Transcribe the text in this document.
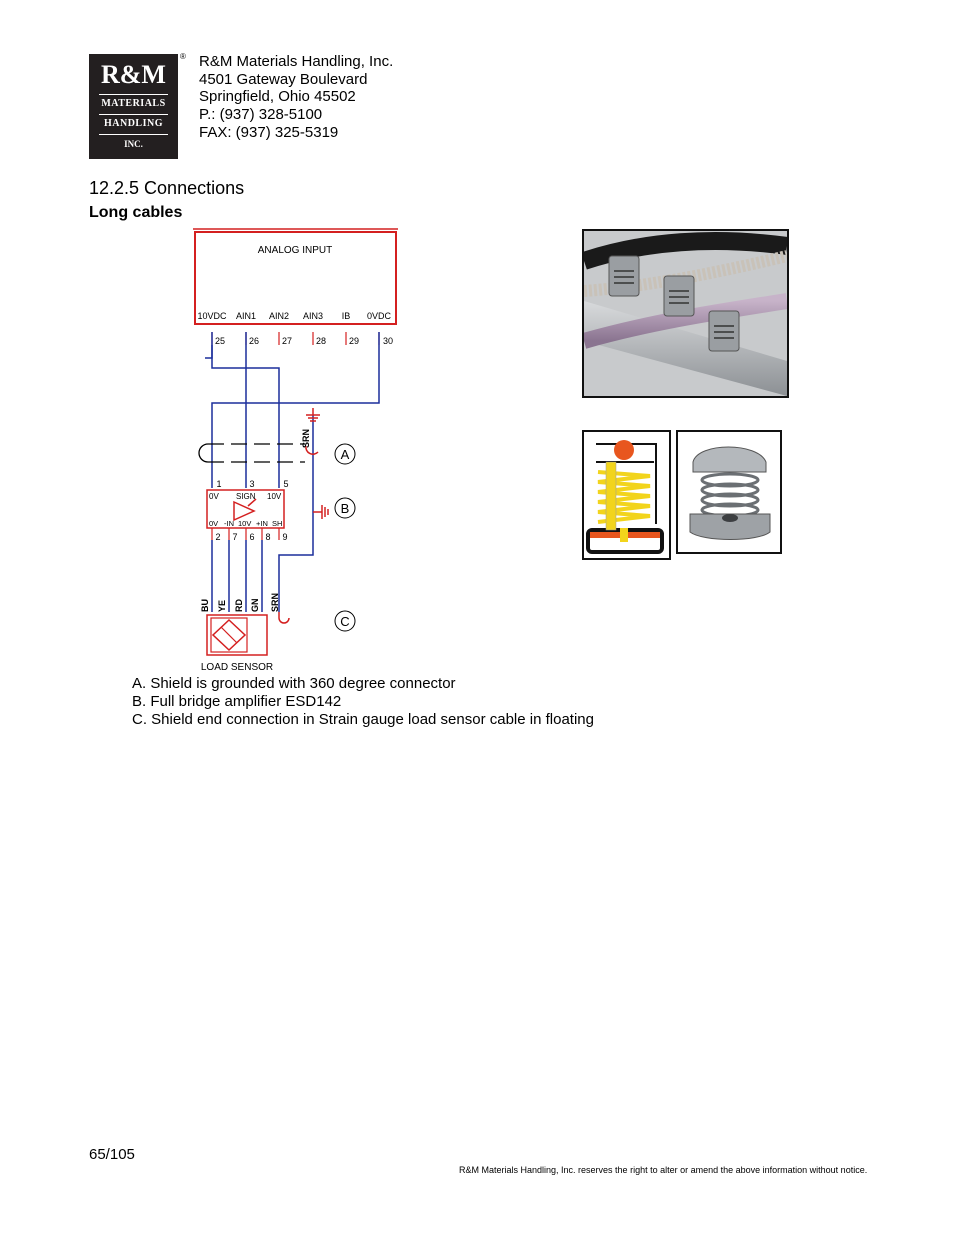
R&M
MATERIALS
HANDLING
INC.
® R&M Materials Handling, Inc.
4501 Gateway Boulevard
Springfield, Ohio 45502
P.: (937) 328-5100
FAX: (937) 325-5319
12.2.5 Connections
Long cables
ANALOG INPUT
10VDC AIN1 AIN2 AIN3 IB 0VDC
25	26	27	28	29	30
SRN
1	3	5
0V SIGN 10V
0V -IN 10V +IN SH
2 7 6 8 9
A
B
C
BU YE RD GN SRN
LOAD SENSOR
A. Shield is grounded with 360 degree connector
B. Full bridge amplifier ESD142
C. Shield end connection in Strain gauge load sensor cable in floating
65/105
R&M Materials Handling, Inc. reserves the right to alter or amend the above information without notice.
